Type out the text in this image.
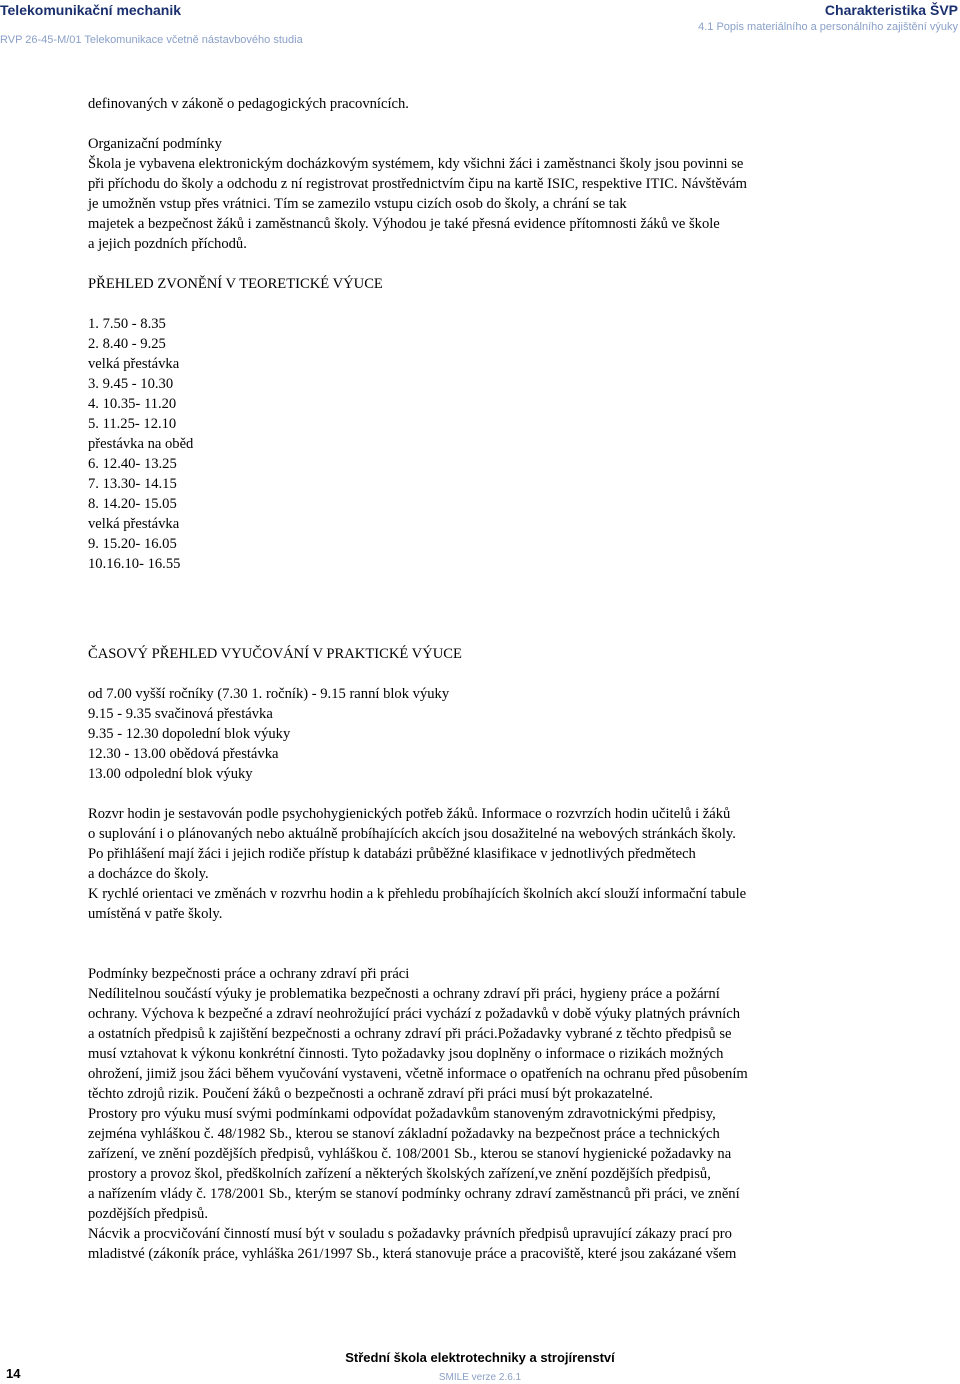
Telekomunikační mechanik
RVP 26-45-M/01 Telekomunikace včetně nástavbového studia
Charakteristika ŠVP
4.1 Popis materiálního a personálního zajištění výuky

definovaných v zákoně o pedagogických pracovnících.

Organizační podmínky

Škola je vybavena elektronickým docházkovým systémem, kdy všichni žáci i zaměstnanci školy jsou povinni se

při příchodu do školy a odchodu z ní registrovat prostřednictvím čipu na kartě ISIC, respektive ITIC. Návštěvám

je umožněn vstup přes vrátnici. Tím se zamezilo vstupu cizích osob do školy, a chrání se tak

majetek a bezpečnost žáků i zaměstnanců školy. Výhodou je také přesná evidence přítomnosti žáků ve škole

a jejich pozdních příchodů.

PŘEHLED ZVONĚNÍ V TEORETICKÉ VÝUCE

1. 7.50 - 8.35

2. 8.40 - 9.25

velká přestávka

3. 9.45 - 10.30

4. 10.35- 11.20

5. 11.25- 12.10

přestávka na oběd

6. 12.40- 13.25

7. 13.30- 14.15

8. 14.20- 15.05

velká přestávka

9. 15.20- 16.05

10.16.10- 16.55

ČASOVÝ PŘEHLED VYUČOVÁNÍ V PRAKTICKÉ VÝUCE

od 7.00 vyšší ročníky (7.30 1. ročník) - 9.15 ranní blok výuky

9.15 - 9.35 svačinová přestávka

9.35 - 12.30 dopolední blok výuky

12.30 - 13.00 obědová přestávka

13.00 odpolední blok výuky

Rozvr hodin je sestavován podle psychohygienických potřeb žáků. Informace o rozvrzích hodin učitelů i žáků

o suplování i o plánovaných nebo aktuálně probíhajících akcích jsou dosažitelné na webových stránkách školy.

Po přihlášení mají žáci i jejich rodiče přístup k databázi průběžné klasifikace v jednotlivých předmětech

a docházce do školy.

K rychlé orientaci ve změnách v rozvrhu hodin a k přehledu probíhajících školních akcí slouží informační tabule

umístěná v patře školy.

Podmínky bezpečnosti práce a ochrany zdraví při práci

Nedílitelnou součástí výuky je problematika bezpečnosti a ochrany zdraví při práci, hygieny práce a požární

ochrany. Výchova k bezpečné a zdraví neohrožující práci vychází z požadavků v době výuky platných právních

a ostatních předpisů k zajištění bezpečnosti a ochrany zdraví při práci.Požadavky vybrané z těchto předpisů se

musí vztahovat k výkonu konkrétní činnosti. Tyto požadavky jsou doplněny o informace o rizikách možných

ohrožení, jimiž jsou žáci během vyučování vystaveni, včetně informace o opatřeních na ochranu před působením

těchto zdrojů rizik. Poučení žáků o bezpečnosti a ochraně zdraví při práci musí být prokazatelné.

Prostory pro výuku musí svými podmínkami odpovídat požadavkům stanoveným zdravotnickými předpisy,

zejména vyhláškou č. 48/1982 Sb., kterou se stanoví základní požadavky na bezpečnost práce a technických

zařízení, ve znění pozdějších předpisů, vyhláškou č. 108/2001 Sb., kterou se stanoví hygienické požadavky na

prostory a provoz škol, předškolních zařízení a některých školských zařízení,ve znění pozdějších předpisů,

a nařízením vlády č. 178/2001 Sb., kterým se stanoví podmínky ochrany zdraví zaměstnanců při práci, ve znění

pozdějších předpisů.

Nácvik a procvičování činností musí být v souladu s požadavky právních předpisů upravující zákazy prací pro

mladistvé (zákoník práce, vyhláška 261/1997 Sb., která stanovuje práce a pracoviště, které jsou zakázané všem

14
Střední škola elektrotechniky a strojírenství
SMILE verze 2.6.1
